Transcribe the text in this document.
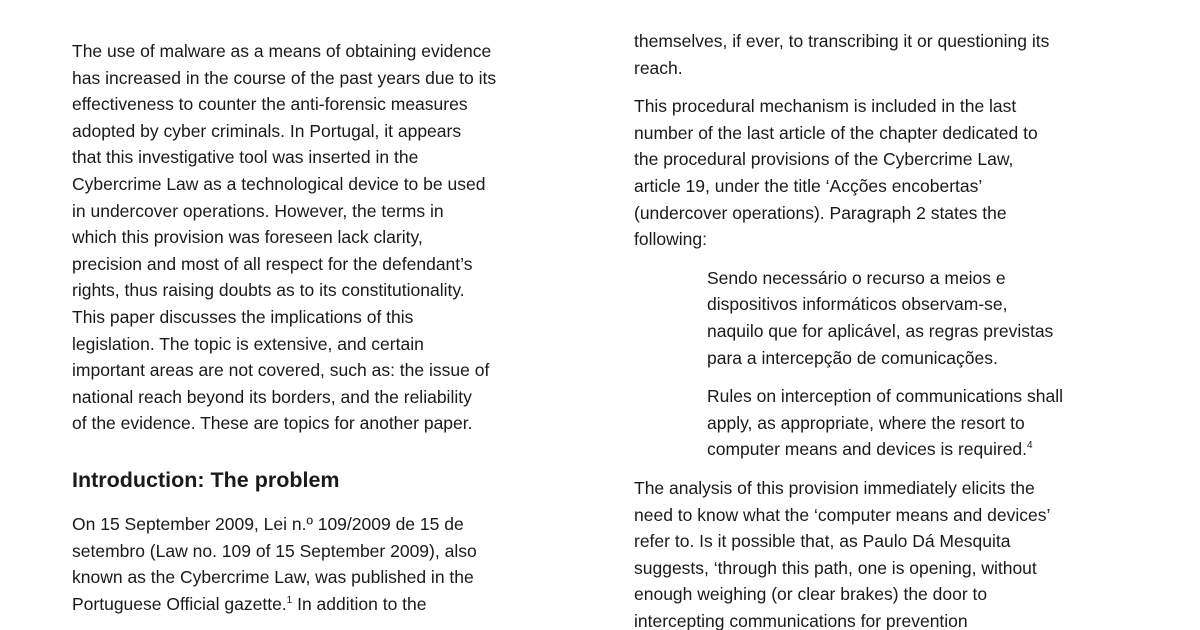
The use of malware as a means of obtaining evidence
has increased in the course of the past years due to its
effectiveness to counter the anti-forensic measures
adopted by cyber criminals. In Portugal, it appears
that this investigative tool was inserted in the
Cybercrime Law as a technological device to be used
in undercover operations. However, the terms in
which this provision was foreseen lack clarity,
precision and most of all respect for the defendant’s
rights, thus raising doubts as to its constitutionality.
This paper discusses the implications of this
legislation. The topic is extensive, and certain
important areas are not covered, such as: the issue of
national reach beyond its borders, and the reliability
of the evidence. These are topics for another paper.
Introduction: The problem
On 15 September 2009, Lei n.º 109/2009 de 15 de
setembro (Law no. 109 of 15 September 2009), also
known as the Cybercrime Law, was published in the
Portuguese Official gazette.$^1$ In addition to the
themselves, if ever, to transcribing it or questioning its
reach.
This procedural mechanism is included in the last
number of the last article of the chapter dedicated to
the procedural provisions of the Cybercrime Law,
article 19, under the title ‘Acções encobertas’
(undercover operations). Paragraph 2 states the
following:
Sendo necessário o recurso a meios e
dispositivos informáticos observam-se,
naquilo que for aplicável, as regras previstas
para a intercepção de comunicações.
Rules on interception of communications shall
apply, as appropriate, where the resort to
computer means and devices is required.$^4$
The analysis of this provision immediately elicits the
need to know what the ‘computer means and devices’
refer to. Is it possible that, as Paulo Dá Mesquita
suggests, ‘through this path, one is opening, without
enough weighing (or clear brakes) the door to
intercepting communications for prevention
